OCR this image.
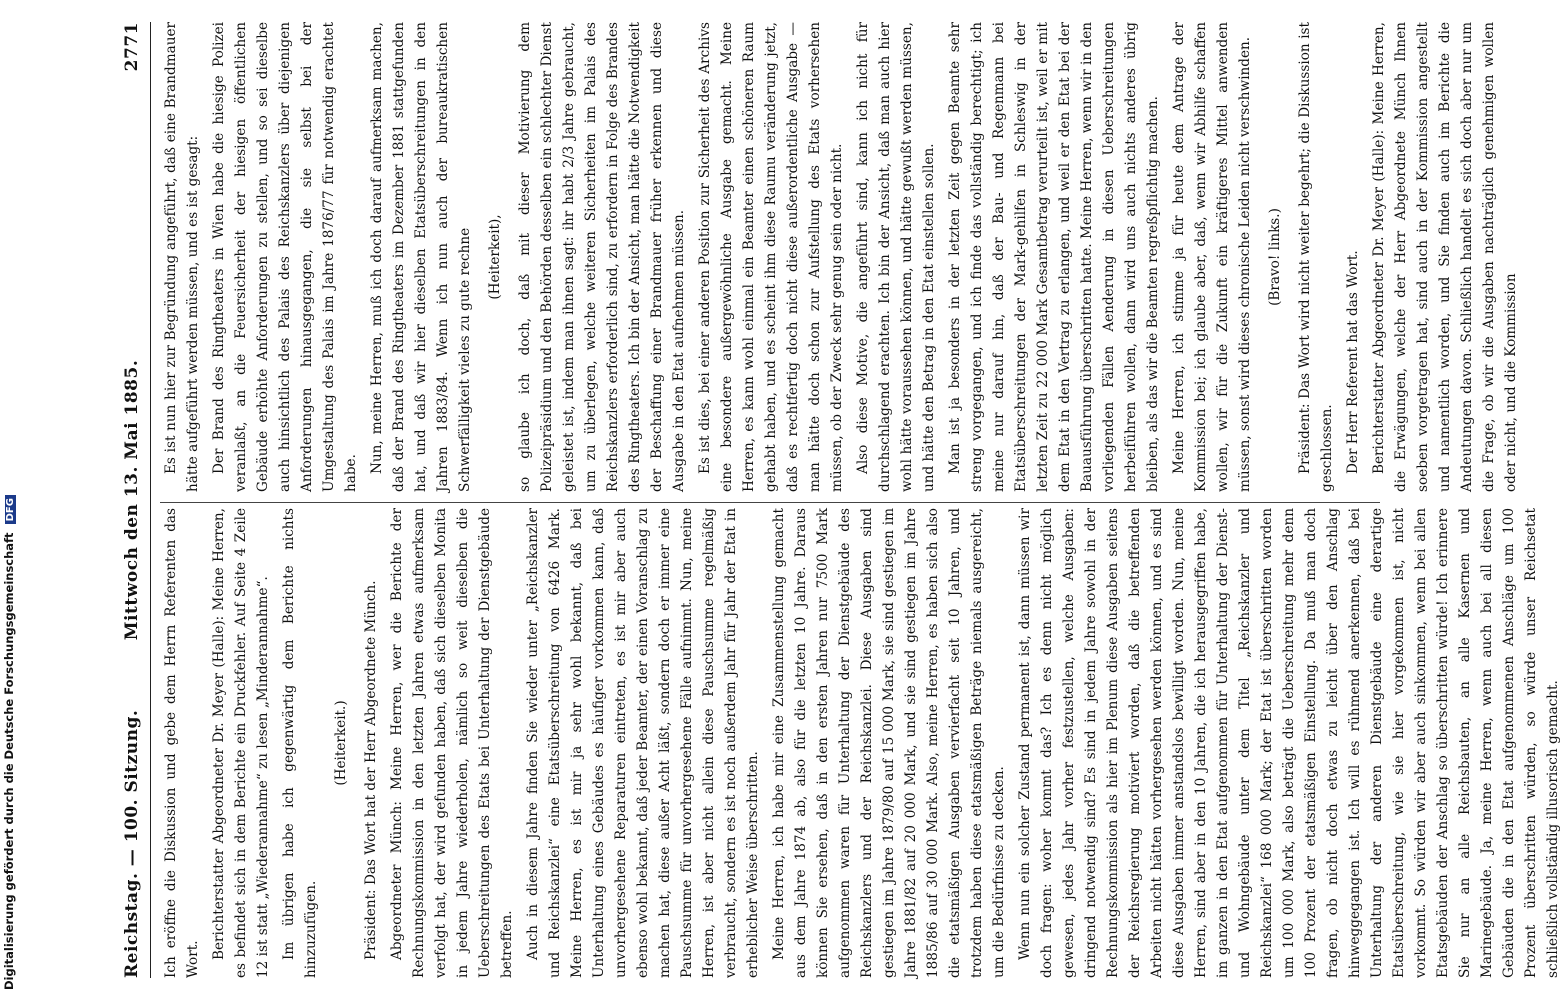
Digitalisierung gefördert durch die Deutsche Forschungsgemeinschaft DFG
Reichstag. — 100. Sitzung.
Mittwoch den 13. Mai 1885.
2771

Ich eröffne die Diskussion und gebe dem Herrn Referenten das Wort. Berichterstatter Abgeordneter Dr. Meyer (Halle): Meine Herren, es befindet sich in dem Berichte ein Druckfehler. Auf Seite 4 Zeile 12 ist statt „Wiederannahme“ zu lesen „Minderannahme“. Im übrigen habe ich gegenwärtig dem Berichte nichts hinzuzufügen.

(Heiterkeit.) Präsident: Das Wort hat der Herr Abgeordnete Münch. Abgeordneter Münch: Meine Herren, wer die Berichte der Rechnungskommission in den letzten Jahren etwas aufmerksam verfolgt hat, der wird gefunden haben, daß sich dieselben Monita in jedem Jahre wiederholen, nämlich so weit dieselben die Ueberschreitungen des Etats bei Unterhaltung der Dienstgebäude betreffen. Auch in diesem Jahre finden Sie wieder unter „Reichskanzler und Reichskanzlei“ eine Etatsüberschreitung von 6426 Mark. Meine Herren, es ist mir ja sehr wohl bekannt, daß bei Unterhaltung eines Gebäudes es häufiger vorkommen kann, daß unvorhergesehene Reparaturen eintreten, es ist mir aber auch ebenso wohl bekannt, daß jeder Beamter, der einen Voranschlag zu machen hat, diese außer Acht läßt, sondern doch er immer eine Pauschsumme für unvorhergesehene Fälle aufnimmt. Nun, meine Herren, ist aber nicht allein diese Pauschsumme regelmäßig verbraucht, sondern es ist noch außerdem Jahr für Jahr der Etat in erheblicher Weise überschritten. Meine Herren, ich habe mir eine Zusammenstellung gemacht aus dem Jahre 1874 ab, also für die letzten 10 Jahre. Daraus können Sie ersehen, daß in den ersten Jahren nur 7500 Mark aufgenommen waren für Unterhaltung der Dienstgebäude des Reichskanzlers und der Reichskanzlei. Diese Ausgaben sind gestiegen im Jahre 1879/80 auf 15 000 Mark, sie sind gestiegen im Jahre 1881/82 auf 20 000 Mark, und sie sind gestiegen im Jahre 1885/86 auf 30 000 Mark. Also, meine Herren, es haben sich also die etatsmäßigen Ausgaben vervierfacht seit 10 Jahren, und trotzdem haben diese etatsmäßigen Beträge niemals ausgereicht, um die Bedürfnisse zu decken. Wenn nun ein solcher Zustand permanent ist, dann müssen wir doch fragen: woher kommt das? Ich es denn nicht möglich gewesen, jedes Jahr vorher festzustellen, welche Ausgaben: dringend notwendig sind? Es sind in jedem Jahre sowohl in der Rechnungskommission als hier im Plenum diese Ausgaben seitens der Reichsregierung motiviert worden, daß die betreffenden Arbeiten nicht hätten vorhergesehen werden können, und es sind diese Ausgaben immer anstandslos bewilligt worden. Nun, meine Herren, sind aber in den 10 Jahren, die ich herausgegriffen habe, im ganzen in den Etat aufgenommen für Unterhaltung der Dienst- und Wohngebäude unter dem Titel „Reichskanzler und Reichskanzlei“ 168 000 Mark; der Etat ist überschritten worden um 100 000 Mark, also beträgt die Ueberschreitung mehr denn 100 Prozent der etatsmäßigen Einstellung. Da muß man doch fragen, ob nicht doch etwas zu leicht über den Anschlag hinweggegangen ist. Ich will es rühmend anerkennen, daß bei Unterhaltung der anderen Dienstgebäude eine derartige Etatsüberschreitung, wie sie hier vorgekommen ist, nicht vorkommt. So würden wir aber auch sinkommen, wenn bei allen Etatsgebäuden der Anschlag so überschritten würde! Ich erinnere Sie nur an alle Reichsbauten, an alle Kasernen und Marinegebäude. Ja, meine Herren, wenn auch bei all diesen Gebäuden die in den Etat aufgenommenen Anschläge um 100 Prozent überschritten würden, so würde unser Reichsetat schließlich vollständig illusorisch gemacht.

Es ist nun hier zur Begründung angeführt, daß eine Brandmauer hätte aufgeführt werden müssen, und es ist gesagt: Der Brand des Ringtheaters in Wien habe die hiesige Polizei veranlaßt, an die Feuersicherheit der hiesigen öffentlichen Gebäude erhöhte Anforderungen zu stellen, und so sei dieselbe auch hinsichtlich des Palais des Reichskanzlers über diejenigen Anforderungen hinausgegangen, die sie selbst bei der Umgestaltung des Palais im Jahre 1876/77 für notwendig erachtet habe. Nun, meine Herren, muß ich doch darauf aufmerksam machen, daß der Brand des Ringtheaters im Dezember 1881 stattgefunden hat, und daß wir hier dieselben Etatsüberschreitungen in den Jahren 1883/84. Wenn ich nun auch der bureaukratischen Schwerfälligkeit vieles zu gute rechne (Heiterkeit), so glaube ich doch, daß mit dieser Motivierung dem Polizeipräsidium und den Behörden desselben ein schlechter Dienst geleistet ist, indem man ihnen sagt: ihr habt 2/3 Jahre gebraucht, um zu überlegen, welche weiteren Sicherheiten im Palais des Reichskanzlers erforderlich sind, zu erfordern in Folge des Brandes des Ringtheaters. Ich bin der Ansicht, man hätte die Notwendigkeit der Beschaffung einer Brandmauer früher erkennen und diese Ausgabe in den Etat aufnehmen müssen. Es ist dies, bei einer anderen Position zur Sicherheit des Archivs eine besondere außergewöhnliche Ausgabe gemacht. Meine Herren, es kann wohl einmal ein Beamter einen schöneren Raum gehabt haben, und es scheint ihm diese Raumu veränderung jetzt, daß es rechtfertig doch nicht diese außerordentliche Ausgabe — man hätte doch schon zur Aufstellung des Etats vorhersehen müssen, ob der Zweck sehr genug sein oder nicht. Also diese Motive, die angeführt sind, kann ich nicht für durchschlagend erachten. Ich bin der Ansicht, daß man auch hier wohl hätte voraussehen können, und hätte gewußt werden müssen, und hätte den Betrag in den Etat einstellen sollen. Man ist ja besonders in der letzten Zeit gegen Beamte sehr streng vorgegangen, und ich finde das vollständig berechtigt; ich meine nur darauf hin, daß der Bau- und Regenmann bei Etatsüberschreitungen der Mark-gehilfen in Schleswig in der letzten Zeit zu 22 000 Mark Gesamtbetrag verurteilt ist, weil er mit dem Etat in den Vertrag zu erlangen, und weil er den Etat bei der Bauausführung überschritten hatte. Meine Herren, wenn wir in den vorliegenden Fällen Aenderung in diesen Ueberschreitungen herbeiführen wollen, dann wird uns auch nichts anderes übrig bleiben, als das wir die Beamten regreßpflichtig machen. Meine Herren, ich stimme ja für heute dem Antrage der Kommission bei; ich glaube aber, daß, wenn wir Abhilfe schaffen wollen, wir für die Zukunft ein kräftigeres Mittel anwenden müssen, sonst wird dieses chronische Leiden nicht verschwinden. (Bravo! links.) Präsident: Das Wort wird nicht weiter begehrt; die Diskussion ist geschlossen. Der Herr Referent hat das Wort. Berichterstatter Abgeordneter Dr. Meyer (Halle): Meine Herren, die Erwägungen, welche der Herr Abgeordnete Münch Ihnen soeben vorgetragen hat, sind auch in der Kommission angestellt und namentlich worden, und Sie finden auch im Berichte die Andeutungen davon. Schließlich handelt es sich doch aber nur um die Frage, ob wir die Ausgaben nachträglich genehmigen wollen oder nicht, und die Kommission
